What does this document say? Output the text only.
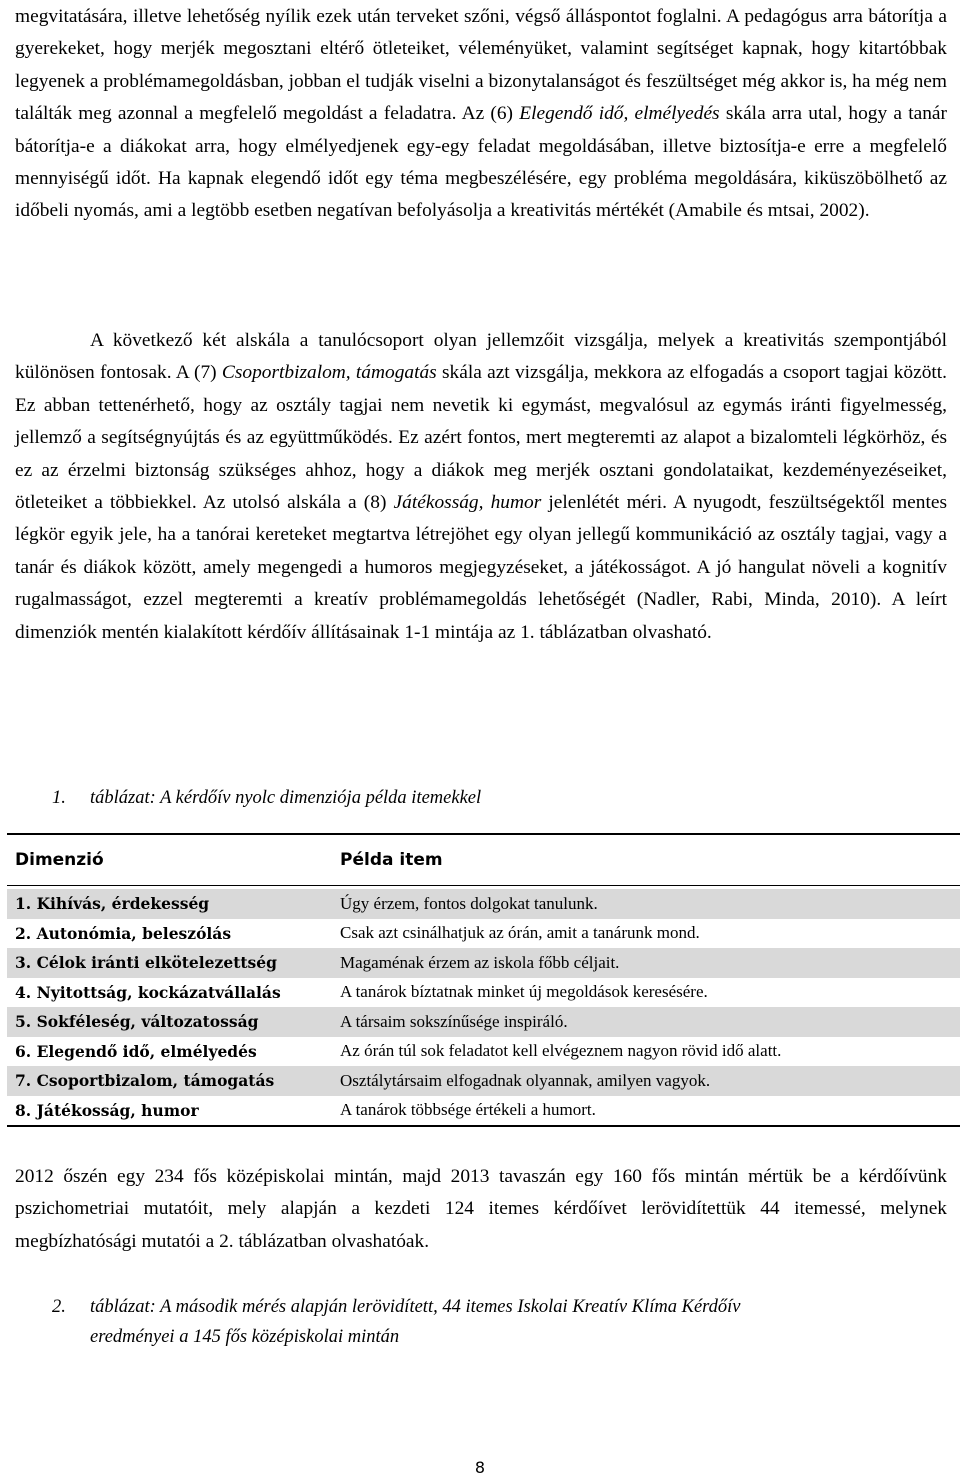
megvitatására, illetve lehetőség nyílik ezek után terveket szőni, végső álláspontot foglalni. A pedagógus arra bátorítja a gyerekeket, hogy merjék megosztani eltérő ötleteiket, véleményüket, valamint segítséget kapnak, hogy kitartóbbak legyenek a problémamegoldásban, jobban el tudják viselni a bizonytalanságot és feszültséget még akkor is, ha még nem találták meg azonnal a megfelelő megoldást a feladatra. Az (6) Elegendő idő, elmélyedés skála arra utal, hogy a tanár bátorítja-e a diákokat arra, hogy elmélyedjenek egy-egy feladat megoldásában, illetve biztosítja-e erre a megfelelő mennyiségű időt. Ha kapnak elegendő időt egy téma megbeszélésére, egy probléma megoldására, kiküszöbölhető az időbeli nyomás, ami a legtöbb esetben negatívan befolyásolja a kreativitás mértékét (Amabile és mtsai, 2002).

A következő két alskála a tanulócsoport olyan jellemzőit vizsgálja, melyek a kreativitás szempontjából különösen fontosak. A (7) Csoportbizalom, támogatás skála azt vizsgálja, mekkora az elfogadás a csoport tagjai között. Ez abban tettenérhető, hogy az osztály tagjai nem nevetik ki egymást, megvalósul az egymás iránti figyelmesség, jellemző a segítségnyújtás és az együttműködés. Ez azért fontos, mert megteremti az alapot a bizalomteli légkörhöz, és ez az érzelmi biztonság szükséges ahhoz, hogy a diákok meg merjék osztani gondolataikat, kezdeményezéseiket, ötleteiket a többiekkel. Az utolsó alskála a (8) Játékosság, humor jelenlétét méri. A nyugodt, feszültségektől mentes légkör egyik jele, ha a tanórai kereteket megtartva létrejöhet egy olyan jellegű kommunikáció az osztály tagjai, vagy a tanár és diákok között, amely megengedi a humoros megjegyzéseket, a játékosságot. A jó hangulat növeli a kognitív rugalmasságot, ezzel megteremti a kreatív problémamegoldás lehetőségét (Nadler, Rabi, Minda, 2010). A leírt dimenziók mentén kialakított kérdőív állításainak 1-1 mintája az 1. táblázatban olvasható.

1. táblázat: A kérdőív nyolc dimenziója példa itemekkel

Dimenzió	Példa item
1. Kihívás, érdekesség	Úgy érzem, fontos dolgokat tanulunk.
2. Autonómia, beleszólás	Csak azt csinálhatjuk az órán, amit a tanárunk mond.
3. Célok iránti elkötelezettség	Magaménak érzem az iskola főbb céljait.
4. Nyitottság, kockázatvállalás	A tanárok bíztatnak minket új megoldások keresésére.
5. Sokféleség, változatosság	A társaim sokszínűsége inspiráló.
6. Elegendő idő, elmélyedés	Az órán túl sok feladatot kell elvégeznem nagyon rövid idő alatt.
7. Csoportbizalom, támogatás	Osztálytársaim elfogadnak olyannak, amilyen vagyok.
8. Játékosság, humor	A tanárok többsége értékeli a humort.

2012 őszén egy 234 fős középiskolai mintán, majd 2013 tavaszán egy 160 fős mintán mértük be a kérdőívünk pszichometriai mutatóit, mely alapján a kezdeti 124 itemes kérdőívet lerövidítettük 44 itemessé, melynek megbízhatósági mutatói a 2. táblázatban olvashatóak.

2. táblázat: A második mérés alapján lerövidített, 44 itemes Iskolai Kreatív Klíma Kérdőív
eredményei a 145 fős középiskolai mintán
8
